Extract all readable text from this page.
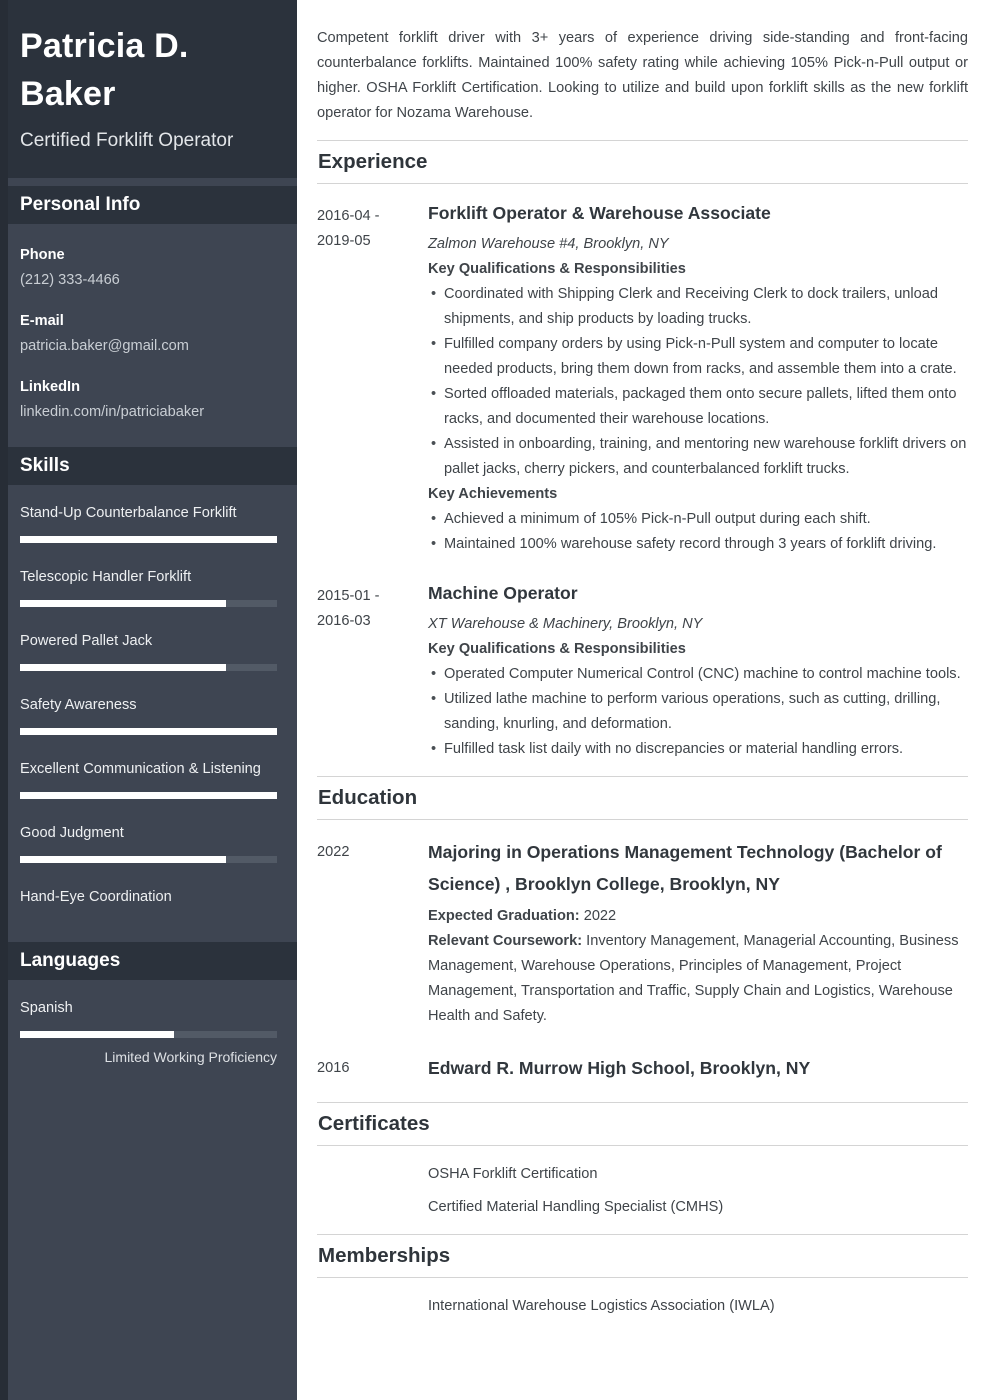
Patricia D. Baker
Certified Forklift Operator
Personal Info
Phone
(212) 333-4466
E-mail
patricia.baker@gmail.com
LinkedIn
linkedin.com/in/patriciabaker
Skills
Stand-Up Counterbalance Forklift
Telescopic Handler Forklift
Powered Pallet Jack
Safety Awareness
Excellent Communication & Listening
Good Judgment
Hand-Eye Coordination
Languages
Spanish
Limited Working Proficiency

Competent forklift driver with 3+ years of experience driving side-standing and front-facing counterbalance forklifts. Maintained 100% safety rating while achieving 105% Pick-n-Pull output or higher. OSHA Forklift Certification. Looking to utilize and build upon forklift skills as the new forklift operator for Nozama Warehouse.

Experience
2016-04 -
2019-05
Forklift Operator & Warehouse Associate
Zalmon Warehouse #4, Brooklyn, NY
Key Qualifications & Responsibilities
• Coordinated with Shipping Clerk and Receiving Clerk to dock trailers, unload shipments, and ship products by loading trucks.
• Fulfilled company orders by using Pick-n-Pull system and computer to locate needed products, bring them down from racks, and assemble them into a crate.
• Sorted offloaded materials, packaged them onto secure pallets, lifted them onto racks, and documented their warehouse locations.
• Assisted in onboarding, training, and mentoring new warehouse forklift drivers on pallet jacks, cherry pickers, and counterbalanced forklift trucks.
Key Achievements
• Achieved a minimum of 105% Pick-n-Pull output during each shift.
• Maintained 100% warehouse safety record through 3 years of forklift driving.
2015-01 -
2016-03
Machine Operator
XT Warehouse & Machinery, Brooklyn, NY
Key Qualifications & Responsibilities
• Operated Computer Numerical Control (CNC) machine to control machine tools.
• Utilized lathe machine to perform various operations, such as cutting, drilling, sanding, knurling, and deformation.
• Fulfilled task list daily with no discrepancies or material handling errors.
Education
2022	Majoring in Operations Management Technology (Bachelor of Science) , Brooklyn College, Brooklyn, NY

Expected Graduation: 2022

Relevant Coursework: Inventory Management, Managerial Accounting, Business Management, Warehouse Operations, Principles of Management, Project Management, Transportation and Traffic, Supply Chain and Logistics, Warehouse Health and Safety.

2016	Edward R. Murrow High School, Brooklyn, NY
Certificates

OSHA Forklift Certification

Certified Material Handling Specialist (CMHS)

Memberships

International Warehouse Logistics Association (IWLA)
